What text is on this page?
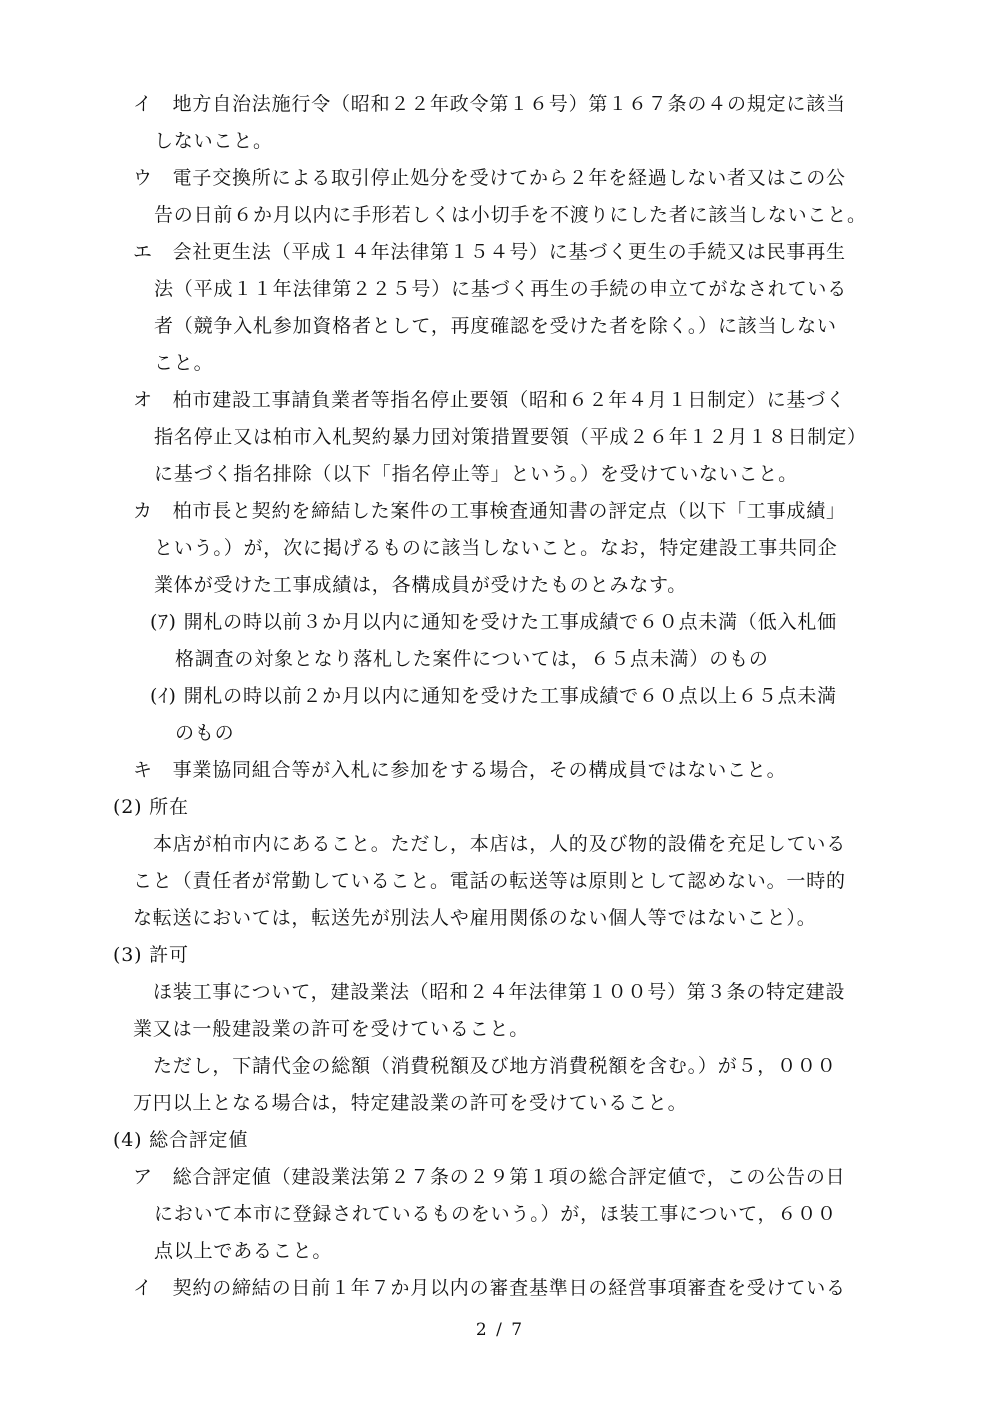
イ　地方自治法施行令（昭和２２年政令第１６号）第１６７条の４の規定に該当
しないこと。
ウ　電子交換所による取引停止処分を受けてから２年を経過しない者又はこの公
告の日前６か月以内に手形若しくは小切手を不渡りにした者に該当しないこと。
エ　会社更生法（平成１４年法律第１５４号）に基づく更生の手続又は民事再生
法（平成１１年法律第２２５号）に基づく再生の手続の申立てがなされている
者（競争入札参加資格者として，再度確認を受けた者を除く。）に該当しない
こと。
オ　柏市建設工事請負業者等指名停止要領（昭和６２年４月１日制定）に基づく
指名停止又は柏市入札契約暴力団対策措置要領（平成２６年１２月１８日制定）
に基づく指名排除（以下「指名停止等」という。）を受けていないこと。
カ　柏市長と契約を締結した案件の工事検査通知書の評定点（以下「工事成績」
という。）が，次に掲げるものに該当しないこと。なお，特定建設工事共同企
業体が受けた工事成績は，各構成員が受けたものとみなす。
(ｱ) 開札の時以前３か月以内に通知を受けた工事成績で６０点未満（低入札価
格調査の対象となり落札した案件については，６５点未満）のもの
(ｲ) 開札の時以前２か月以内に通知を受けた工事成績で６０点以上６５点未満
のもの
キ　事業協同組合等が入札に参加をする場合，その構成員ではないこと。
(2) 所在
本店が柏市内にあること。ただし，本店は，人的及び物的設備を充足している
こと（責任者が常勤していること。電話の転送等は原則として認めない。一時的
な転送においては，転送先が別法人や雇用関係のない個人等ではないこと）。
(3) 許可
ほ装工事について，建設業法（昭和２４年法律第１００号）第３条の特定建設
業又は一般建設業の許可を受けていること。
ただし，下請代金の総額（消費税額及び地方消費税額を含む。）が５，０００
万円以上となる場合は，特定建設業の許可を受けていること。
(4) 総合評定値
ア　総合評定値（建設業法第２７条の２９第１項の総合評定値で，この公告の日
において本市に登録されているものをいう。）が，ほ装工事について，６００
点以上であること。
イ　契約の締結の日前１年７か月以内の審査基準日の経営事項審査を受けている
2 / 7
